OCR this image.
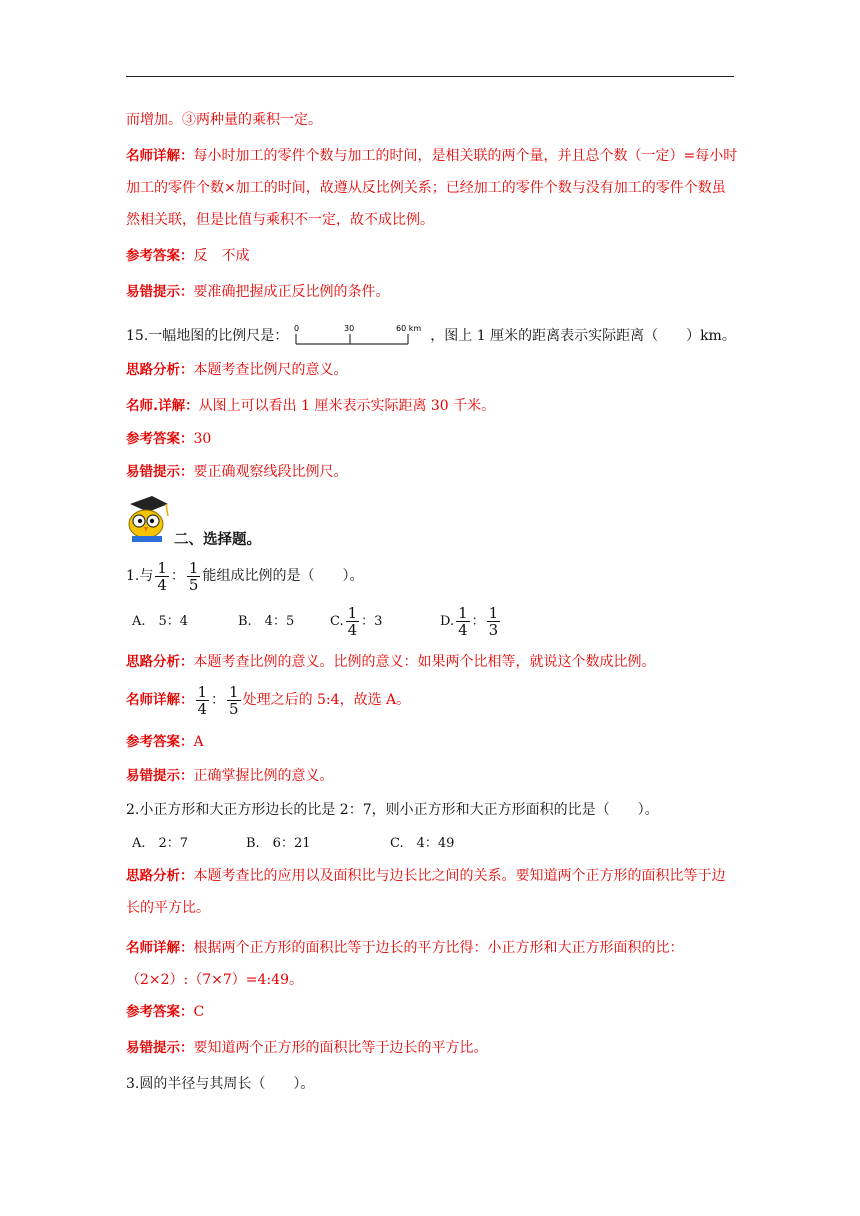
而增加。③两种量的乘积一定。
名师详解：每小时加工的零件个数与加工的时间，是相关联的两个量，并且总个数（一定）=每小时加工的零件个数×加工的时间，故遵从反比例关系；已经加工的零件个数与没有加工的零件个数虽然相关联，但是比值与乘积不一定，故不成比例。
参考答案：反　不成
易错提示：要准确把握成正反比例的条件。
15.一幅地图的比例尺是： 0	30	60 km ，图上 1 厘米的距离表示实际距离（　　）km。
思路分析：本题考查比例尺的意义。
名师.详解：从图上可以看出 1 厘米表示实际距离 30 千米。
参考答案：30
易错提示：要正确观察线段比例尺。
二、选择题。
1.与 $\frac{1}{4}$ ： $\frac{1}{5}$ 能组成比例的是（　　）。
A.　5：4	B.　4：5	C. $\frac{1}{4}$ ：3	D. $\frac{1}{4}$ ： $\frac{1}{3}$
思路分析：本题考查比例的意义。比例的意义：如果两个比相等，就说这个数成比例。
名师详解： $\frac{1}{4}$ ： $\frac{1}{5}$ 处理之后的 5:4，故选 A。
参考答案：A
易错提示：正确掌握比例的意义。
2.小正方形和大正方形边长的比是 2：7，则小正方形和大正方形面积的比是（　　）。
A.　2：7	B.　6：21	C.　4：49
思路分析：本题考查比的应用以及面积比与边长比之间的关系。要知道两个正方形的面积比等于边长的平方比。
名师详解：根据两个正方形的面积比等于边长的平方比得：小正方形和大正方形面积的比：（2×2）:（7×7）=4:49。
参考答案：C
易错提示：要知道两个正方形的面积比等于边长的平方比。
3.圆的半径与其周长（　　）。
